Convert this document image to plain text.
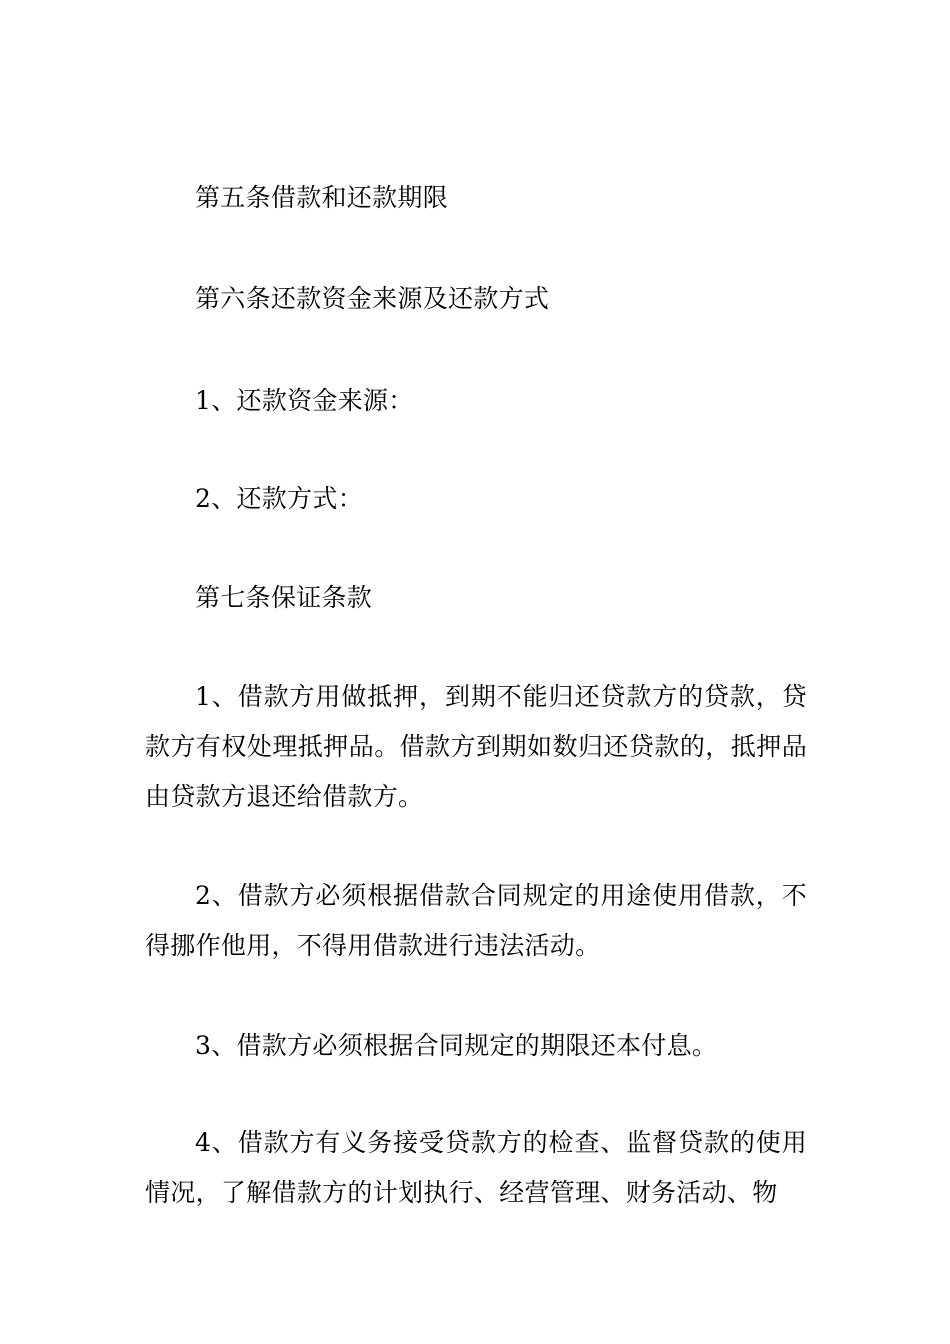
第五条借款和还款期限

第六条还款资金来源及还款方式

1、还款资金来源：

2、还款方式：

第七条保证条款

1、借款方用做抵押，到期不能归还贷款方的贷款，贷款方有权处理抵押品。借款方到期如数归还贷款的，抵押品由贷款方退还给借款方。

2、借款方必须根据借款合同规定的用途使用借款，不得挪作他用，不得用借款进行违法活动。

3、借款方必须根据合同规定的期限还本付息。

4、借款方有义务接受贷款方的检查、监督贷款的使用情况，了解借款方的计划执行、经营管理、财务活动、物
